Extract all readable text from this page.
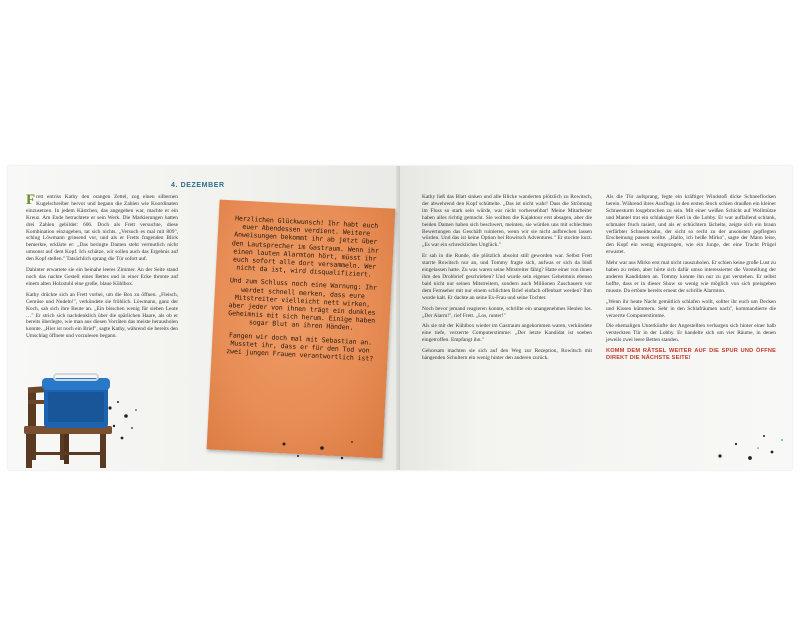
4. DEZEMBER

Frett entriss Kathy den orangen Zettel, zog einen silbernen Kugelschreiber hervor und begann die Zahlen wie Koordinaten einzusetzen. In jedem Kästchen, das angegeben war, machte er ein Kreuz. Am Ende betrachtete er sein Werk. Die Markierungen hatten drei Zahlen gebildet: 606. Doch als Frett versuchte, diese Kombination einzugeben, tat sich nichts. „Versuch es mal mit 809", schlug Löwmann grinsend vor, und als er Fretts fragenden Blick bemerkte, erklärte er: „Das beringte Damen steht vermutlich nicht umsonst auf dem Kopf. Ich schätze, wir sollen auch das Ergebnis auf den Kopf stellen." Tatsächlich sprang die Tür sofort auf.

Dahinter erwartete sie ein beinahe leeres Zimmer. An der Seite stand noch das nackte Gestell eines Bettes und in einer Ecke thronte auf einem alten Holzstuhl eine große, blaue Kühlbox.

Kathy drückte sich an Frett vorbei, um die Box zu öffnen. „Fleisch, Gemüse und Nudeln!", verkündete sie fröhlich. Löwmann, ganz der Koch, sah sich ihre Beute an. „Ein bisschen wenig für sieben Leute …" Er strich sich nachdenklich über die spärlichen Haare, als ob er bereits überlegte, wie man aus diesen Vorräten das meiste herausholen konnte. „Hier ist noch ein Brief", sagte Kathy, während sie bereits den Umschlag öffnete und vorzulesen begann.

Herzlichen Glückwunsch! Ihr habt euch euer Abendessen verdient. Weitere Anweisungen bekommt ihr ab jetzt über den Lautsprecher im Gastraum. Wenn ihr einen lauten Alarmton hört, müsst ihr euch sofort alle dort versammeln. Wer nicht da ist, wird disqualifiziert.

Und zum Schluss noch eine Warnung: Ihr werdet schnell merken, dass eure Mitstreiter vielleicht nett wirken, aber jeder von ihnen trägt ein dunkles Geheimnis mit sich herum. Einige haben sogar Blut an ihren Händen.

Fangen wir doch mal mit Sebastian an. Musstet ihr, dass er für den Tod von zwei jungen Frauen verantwortlich ist?

Kathy ließ das Blatt sinken und alle Blicke wanderten plötzlich zu Rowitsch, der abwehrend den Kopf schüttelte. „Das ist nicht wahr! Dass die Strömung im Fluss so stark sein würde, war nicht vorhersehbar! Meine Mitarbeiter haben alles richtig gemacht. Sie wollten die Kajaktour erst absagen, aber die beiden Damen haben sich beschwert, meinten, sie würden uns mit schlechten Bewertungen das Geschäft ruinieren, wenn wir sie nicht aufbrechen lassen würden. Und das ist keine Option bei Rowitsch Adventures." Er stockte kurz. „Es war ein schreckliches Unglück."

Er sah in die Runde, die plötzlich absolut still geworden war. Selbst Frett starrte Rowitsch nur an, und Tommy fragte sich, aufwas er sich da bloß eingelassen hatte. Zu was waren seine Mitstreiter fähig? Hatte einer von ihnen ihm den Drohbrief geschrieben? Und wurde sein eigenes Geheimnis ebenso bald nicht nur seinen Mitstreitern, sondern auch Millionen Zuschauern vor dem Fernseher mit nur einem schlichten Brief einfach offenbart werden? Ihm wurde kalt. Er dachte an seine Ex-Frau und seine Tochter.

Noch bevor jemand reagieren konnte, schrillte ein unangenehmes Heulen los. „Der Alarm!", rief Frett. „Los, runter!"

Als sie mit der Kühlbox wieder im Gastraum angekommen waren, verkündete eine tiefe, verzerrte Computerstimme: „Der letzte Kandidat ist soeben eingetroffen. Empfangt ihn."

Gehorsam machten sie sich auf den Weg zur Rezeption, Rowitsch mit hängenden Schultern ein wenig hinter den anderen zurück.

Als die Tür aufsprang, fegte ein kräftiger Windstoß dicke Schneeflocken herein. Während ihres Ausflugs in den ersten Stock schien draußen ein kleiner Schneesturm losgebrochen zu sein. Mit einer weißen Schicht auf Wollmütze und Mantel trat ein schlaksiger Kerl in die Lobby. Er war auffallend schlank, schmaler fruch rasiert, und als er schüchtern lächelte, zeigte sich ein braun verfärbter Schneidezahn, der sicht so recht zu der ansonsten gepflegten Erscheinung passen wollte. „Hallo, ich heiße Mirko", sagte der Mann leise, den Kopf ein wenig eingezogen, wie ein Junge, der eine Tracht Prügel erwartet.

Mehr war aus Mirko erst mal nicht rauszuholen. Er schien keine große Lust zu haben zu reden, aber hörte sich dafür umso interessierter die Vorstellung der anderen Kandidaten an. Tommy konnte ihn nur zu gut verstehen. Er selbst hoffte, dass er in dieser Show so wenig wie möglich von sich preisgeben musste. Da ertönte bereits erneut der schrille Alarmton.

„Wenn ihr heute Nacht gemütlich schlafen wollt, sollter ihr euch um Decken und Kissen kümmern. Sehr in den Schlafräumen nach", kommandierte die verzerrte Computerstimme.

Die ehemaligen Unterkünfte der Angestellten verbargen sich hinter einer halb versteckten Tür in der Lobby. Er handelte sich um vier Räume, in denen jeweils zwei leere Betten standen.

KOMM DEM RÄTSEL WEITER AUF DIE SPUR UND ÖFFNE DIREKT DIE NÄCHSTE SEITE!
